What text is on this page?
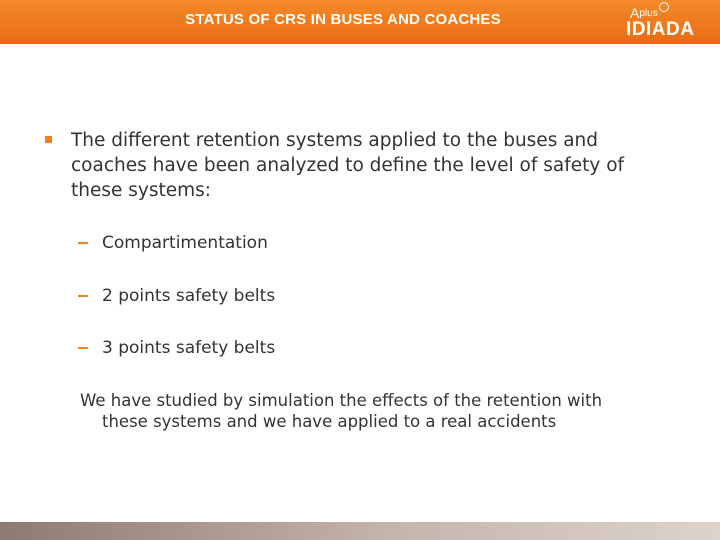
STATUS OF CRS IN BUSES AND COACHES	Aplus
IDIADA
The different retention systems applied to the buses and coaches have been analyzed to define the level of safety of these systems:
Compartimentation
2 points safety belts
3 points safety belts
We have studied by simulation the effects of the retention with
these systems and we have applied to a real accidents
